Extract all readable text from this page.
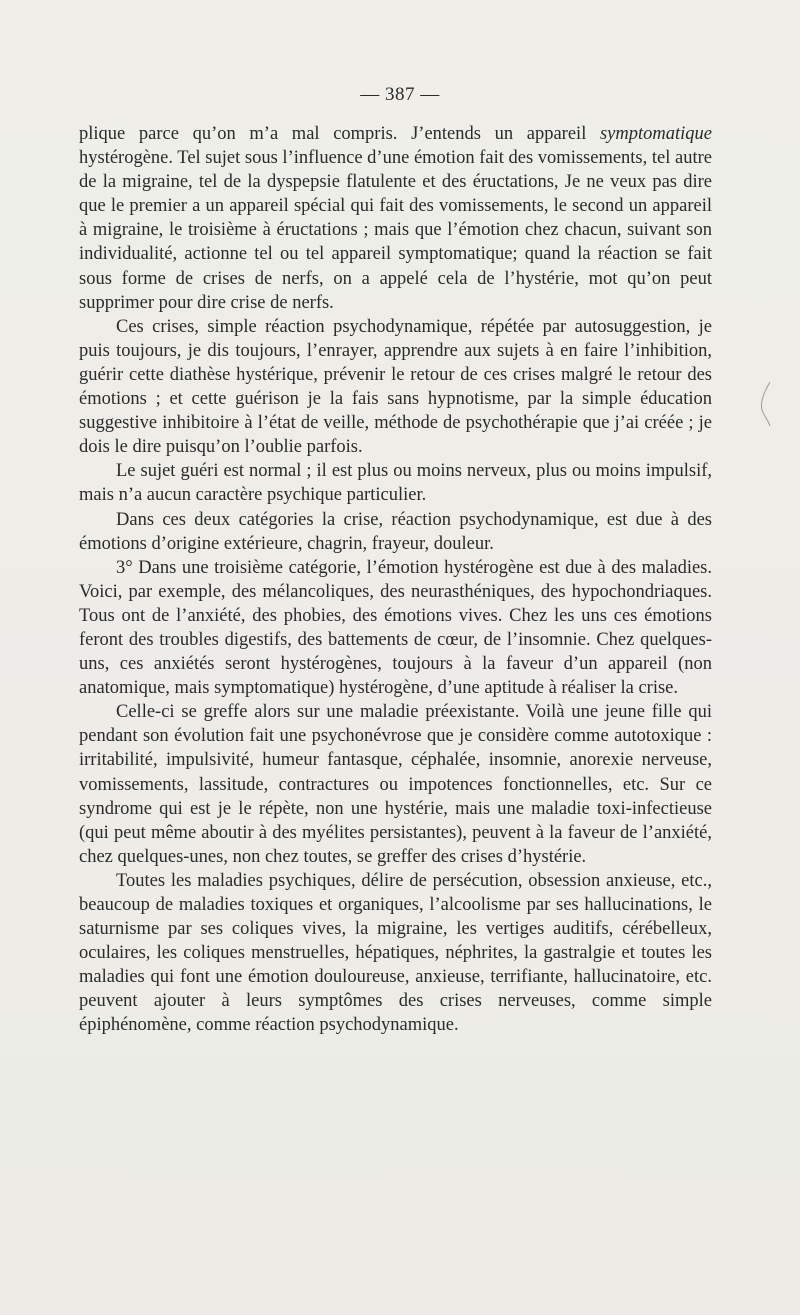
— 387 —

plique parce qu’on m’a mal compris. J’entends un appareil symptomatique hystérogène. Tel sujet sous l’influence d’une émotion fait des vomissements, tel autre de la migraine, tel de la dyspepsie flatulente et des éructations, Je ne veux pas dire que le premier a un appareil spécial qui fait des vomissements, le second un appareil à migraine, le troisième à éructations ; mais que l’émotion chez chacun, suivant son individualité, actionne tel ou tel appareil symptomatique; quand la réaction se fait sous forme de crises de nerfs, on a appelé cela de l’hystérie, mot qu’on peut supprimer pour dire crise de nerfs.

Ces crises, simple réaction psychodynamique, répétée par autosuggestion, je puis toujours, je dis toujours, l’enrayer, apprendre aux sujets à en faire l’inhibition, guérir cette diathèse hystérique, prévenir le retour de ces crises malgré le retour des émotions ; et cette guérison je la fais sans hypnotisme, par la simple éducation suggestive inhibitoire à l’état de veille, méthode de psychothérapie que j’ai créée ; je dois le dire puisqu’on l’oublie parfois.

Le sujet guéri est normal ; il est plus ou moins nerveux, plus ou moins impulsif, mais n’a aucun caractère psychique particulier.

Dans ces deux catégories la crise, réaction psychodynamique, est due à des émotions d’origine extérieure, chagrin, frayeur, douleur.

3° Dans une troisième catégorie, l’émotion hystérogène est due à des maladies. Voici, par exemple, des mélancoliques, des neurasthéniques, des hypochondriaques. Tous ont de l’anxiété, des phobies, des émotions vives. Chez les uns ces émotions feront des troubles digestifs, des battements de cœur, de l’insomnie. Chez quelques-uns, ces anxiétés seront hystérogènes, toujours à la faveur d’un appareil (non anatomique, mais symptomatique) hystérogène, d’une aptitude à réaliser la crise.

Celle-ci se greffe alors sur une maladie préexistante. Voilà une jeune fille qui pendant son évolution fait une psychonévrose que je considère comme autotoxique : irritabilité, impulsivité, humeur fantasque, céphalée, insomnie, anorexie nerveuse, vomissements, lassitude, contractures ou impotences fonctionnelles, etc. Sur ce syndrome qui est je le répète, non une hystérie, mais une maladie toxi-infectieuse (qui peut même aboutir à des myélites persistantes), peuvent à la faveur de l’anxiété, chez quelques-unes, non chez toutes, se greffer des crises d’hystérie.

Toutes les maladies psychiques, délire de persécution, obsession anxieuse, etc., beaucoup de maladies toxiques et organiques, l’alcoolisme par ses hallucinations, le saturnisme par ses coliques vives, la migraine, les vertiges auditifs, cérébelleux, oculaires, les coliques menstruelles, hépatiques, néphrites, la gastralgie et toutes les maladies qui font une émotion douloureuse, anxieuse, terrifiante, hallucinatoire, etc. peuvent ajouter à leurs symptômes des crises nerveuses, comme simple épiphénomène, comme réaction psychodynamique.
